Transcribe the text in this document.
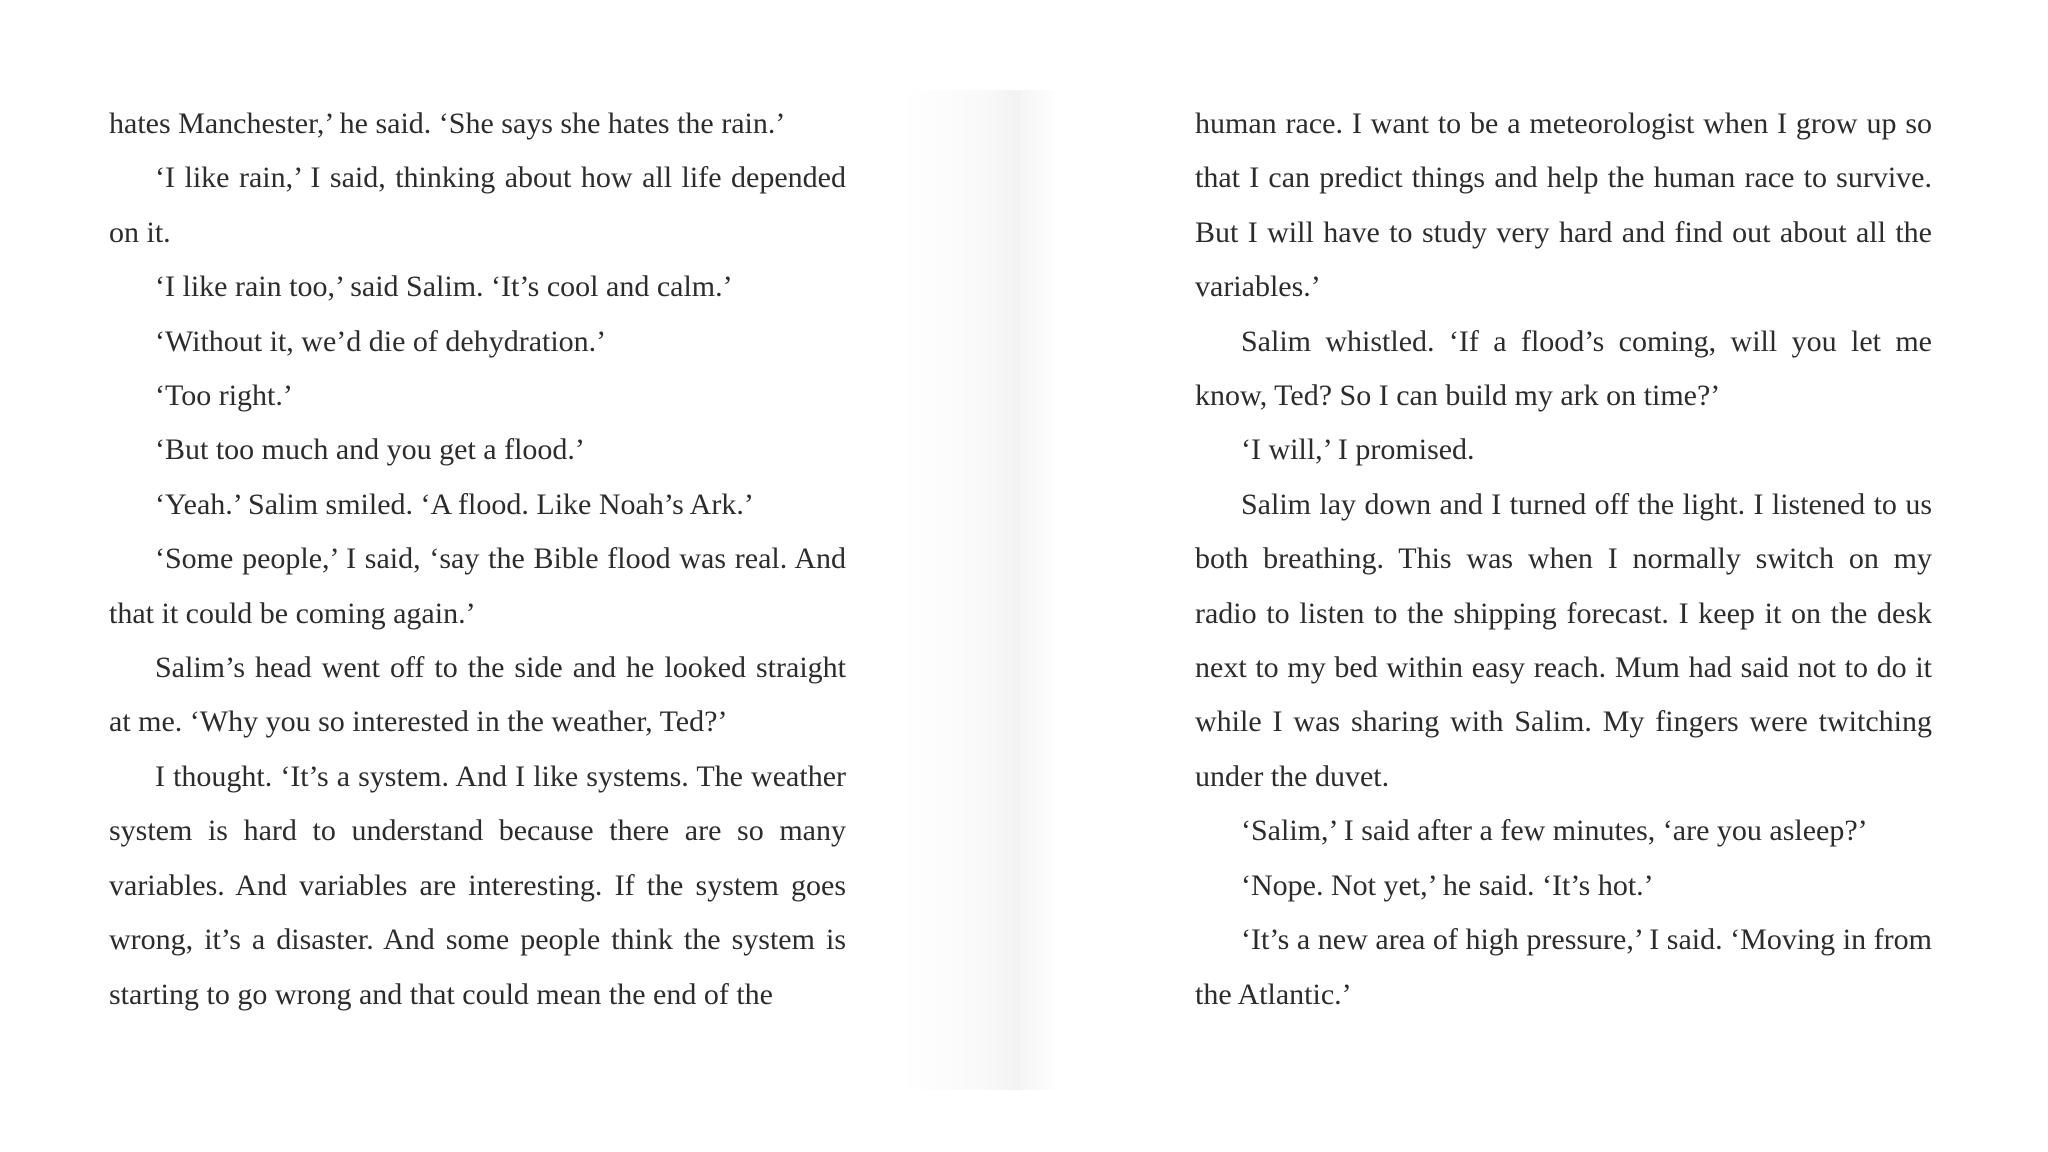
hates Manchester,’ he said. ‘She says she hates the rain.’

‘I like rain,’ I said, thinking about how all life depended on it.

‘I like rain too,’ said Salim. ‘It’s cool and calm.’

‘Without it, we’d die of dehydration.’

‘Too right.’

‘But too much and you get a flood.’

‘Yeah.’ Salim smiled. ‘A flood. Like Noah’s Ark.’

‘Some people,’ I said, ‘say the Bible flood was real. And that it could be coming again.’

Salim’s head went off to the side and he looked straight at me. ‘Why you so interested in the weather, Ted?’

I thought. ‘It’s a system. And I like systems. The weather system is hard to understand because there are so many variables. And variables are interesting. If the system goes wrong, it’s a disaster. And some people think the system is starting to go wrong and that could mean the end of the

human race. I want to be a meteorologist when I grow up so that I can predict things and help the human race to survive. But I will have to study very hard and find out about all the variables.’

Salim whistled. ‘If a flood’s coming, will you let me know, Ted? So I can build my ark on time?’

‘I will,’ I promised.

Salim lay down and I turned off the light. I listened to us both breathing. This was when I normally switch on my radio to listen to the shipping forecast. I keep it on the desk next to my bed within easy reach. Mum had said not to do it while I was sharing with Salim. My fingers were twitching under the duvet.

‘Salim,’ I said after a few minutes, ‘are you asleep?’

‘Nope. Not yet,’ he said. ‘It’s hot.’

‘It’s a new area of high pressure,’ I said. ‘Moving in from the Atlantic.’
